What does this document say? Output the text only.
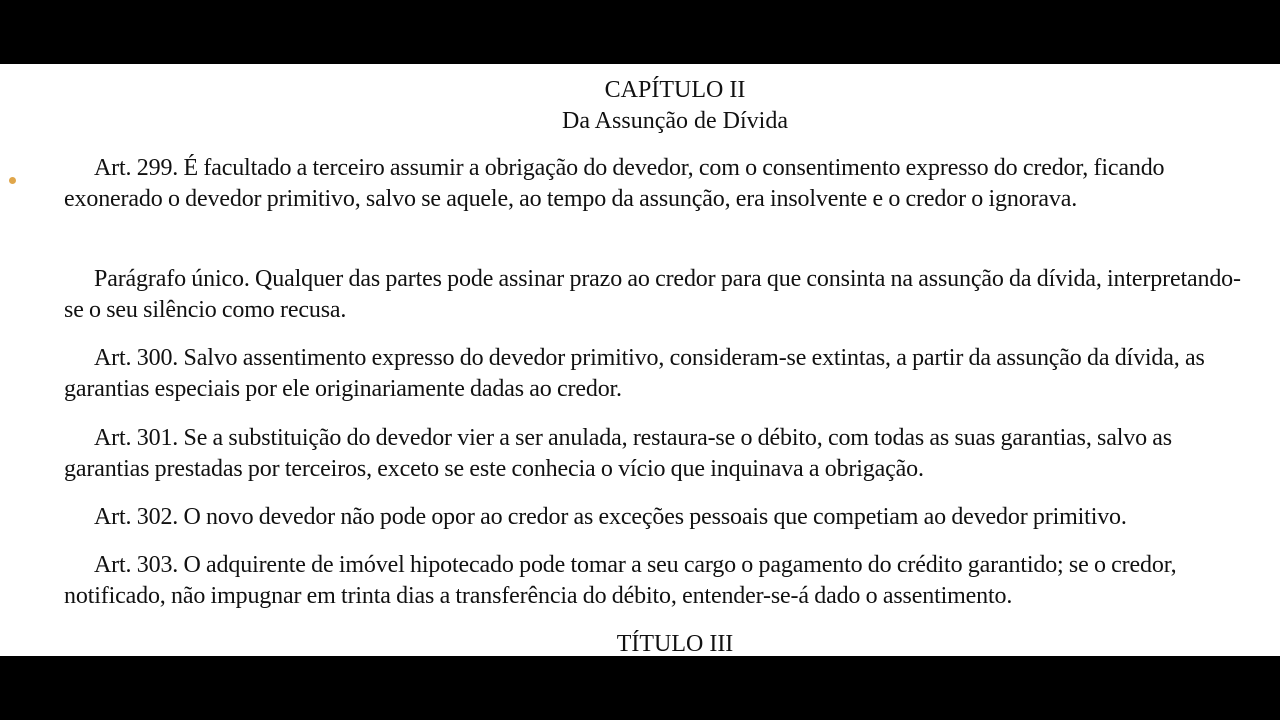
CAPÍTULO II
Da Assunção de Dívida

Art. 299. É facultado a terceiro assumir a obrigação do devedor, com o consentimento expresso do credor, ficando exonerado o devedor primitivo, salvo se aquele, ao tempo da assunção, era insolvente e o credor o ignorava.

Parágrafo único. Qualquer das partes pode assinar prazo ao credor para que consinta na assunção da dívida, interpretando-se o seu silêncio como recusa.

Art. 300. Salvo assentimento expresso do devedor primitivo, consideram-se extintas, a partir da assunção da dívida, as garantias especiais por ele originariamente dadas ao credor.

Art. 301. Se a substituição do devedor vier a ser anulada, restaura-se o débito, com todas as suas garantias, salvo as garantias prestadas por terceiros, exceto se este conhecia o vício que inquinava a obrigação.

Art. 302. O novo devedor não pode opor ao credor as exceções pessoais que competiam ao devedor primitivo.

Art. 303. O adquirente de imóvel hipotecado pode tomar a seu cargo o pagamento do crédito garantido; se o credor, notificado, não impugnar em trinta dias a transferência do débito, entender-se-á dado o assentimento.

TÍTULO III
